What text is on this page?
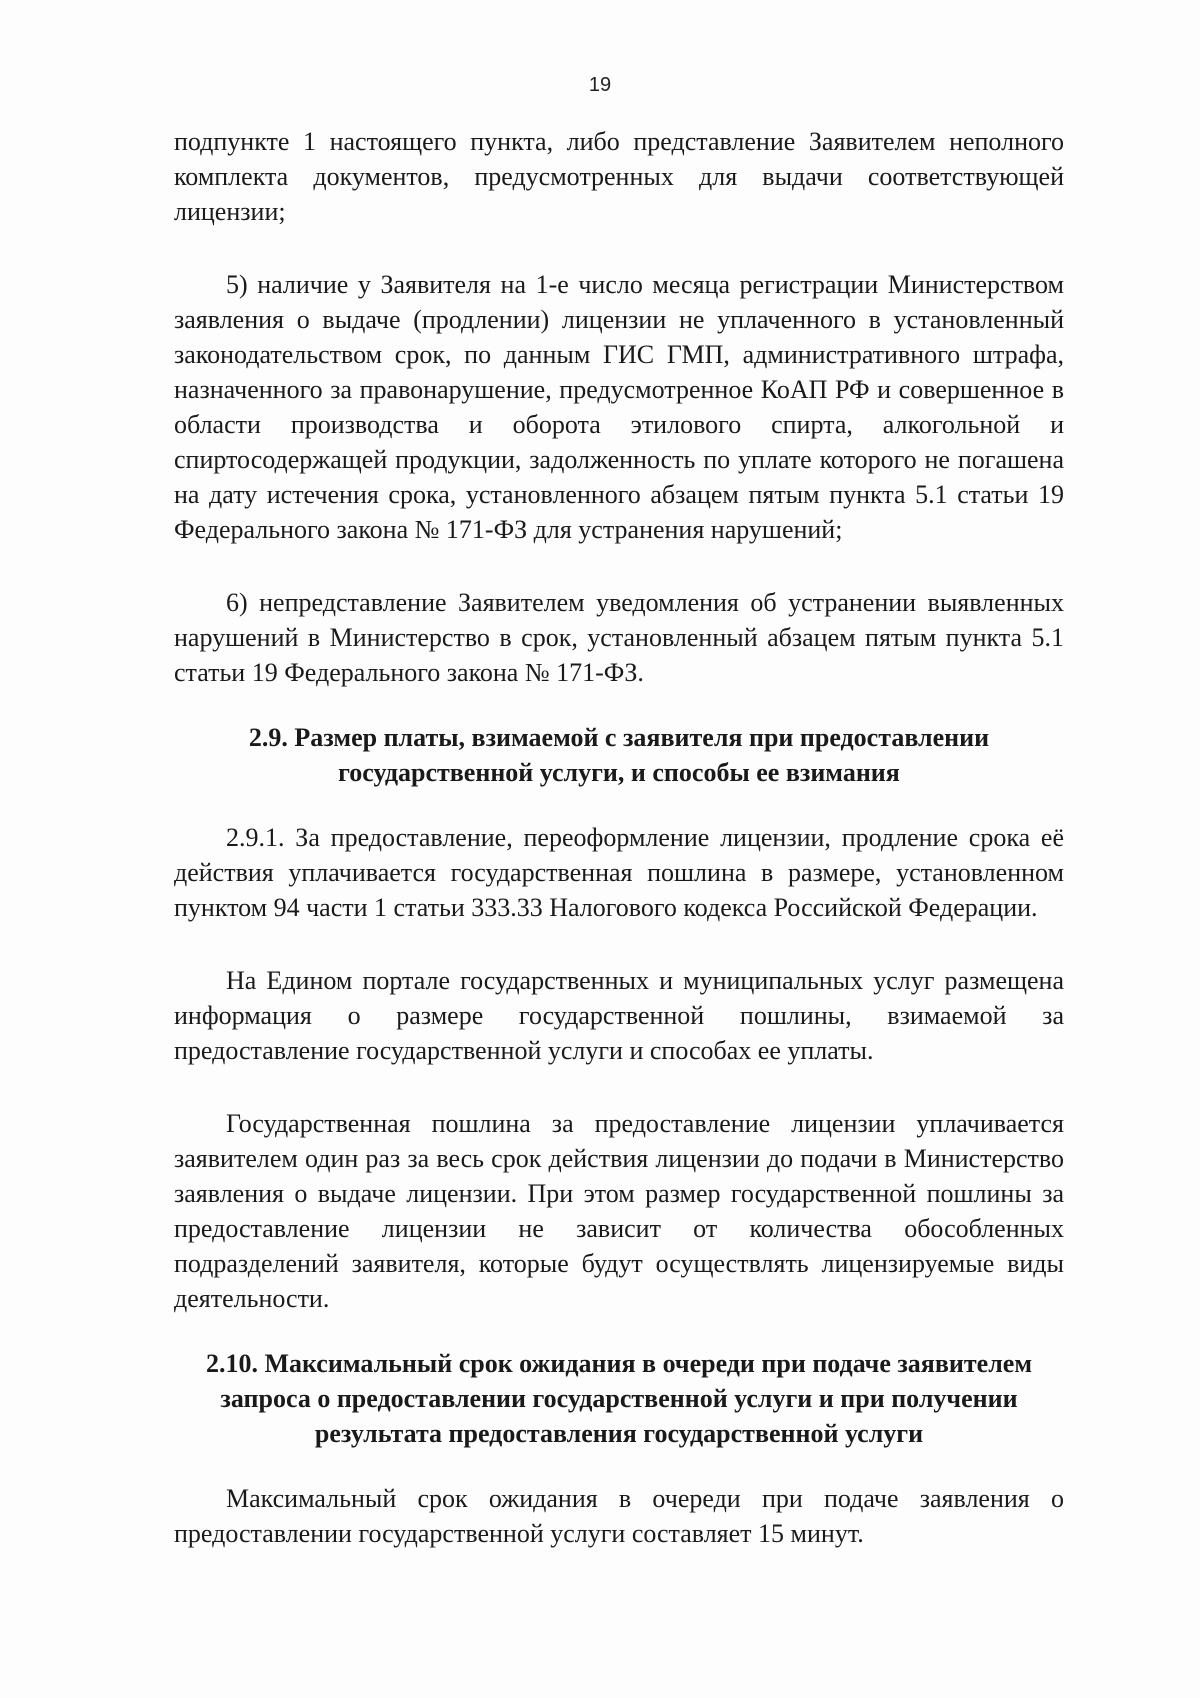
19

подпункте 1 настоящего пункта, либо представление Заявителем неполного комплекта документов, предусмотренных для выдачи соответствующей лицензии;

5) наличие у Заявителя на 1-е число месяца регистрации Министерством заявления о выдаче (продлении) лицензии не уплаченного в установленный законодательством срок, по данным ГИС ГМП, административного штрафа, назначенного за правонарушение, предусмотренное КоАП РФ и совершенное в области производства и оборота этилового спирта, алкогольной и спиртосодержащей продукции, задолженность по уплате которого не погашена на дату истечения срока, установленного абзацем пятым пункта 5.1 статьи 19 Федерального закона № 171-ФЗ для устранения нарушений;

6) непредставление Заявителем уведомления об устранении выявленных нарушений в Министерство в срок, установленный абзацем пятым пункта 5.1 статьи 19 Федерального закона № 171-ФЗ.

2.9. Размер платы, взимаемой с заявителя при предоставлении государственной услуги, и способы ее взимания

2.9.1. За предоставление, переоформление лицензии, продление срока её действия уплачивается государственная пошлина в размере, установленном пунктом 94 части 1 статьи 333.33 Налогового кодекса Российской Федерации.

На Едином портале государственных и муниципальных услуг размещена информация о размере государственной пошлины, взимаемой за предоставление государственной услуги и способах ее уплаты.

Государственная пошлина за предоставление лицензии уплачивается заявителем один раз за весь срок действия лицензии до подачи в Министерство заявления о выдаче лицензии. При этом размер государственной пошлины за предоставление лицензии не зависит от количества обособленных подразделений заявителя, которые будут осуществлять лицензируемые виды деятельности.

2.10. Максимальный срок ожидания в очереди при подаче заявителем запроса о предоставлении государственной услуги и при получении результата предоставления государственной услуги

Максимальный срок ожидания в очереди при подаче заявления о предоставлении государственной услуги составляет 15 минут.
